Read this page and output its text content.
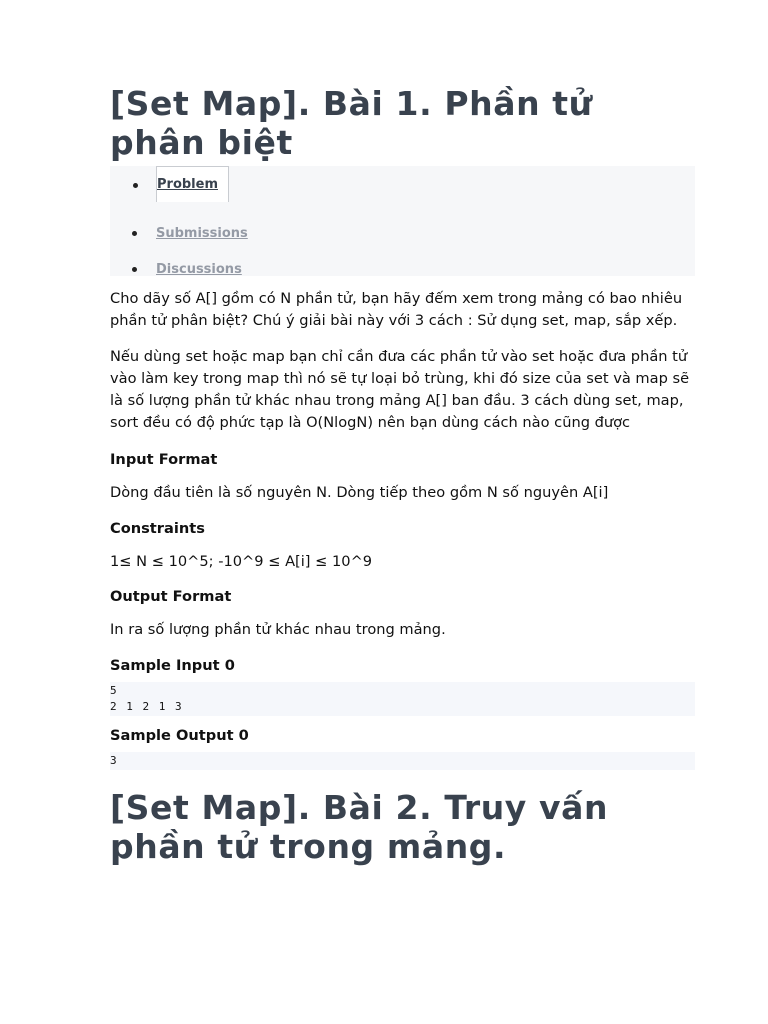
[Set Map]. Bài 1. Phần tử phân biệt
Problem
Submissions
Discussions

Cho dãy số A[] gồm có N phần tử, bạn hãy đếm xem trong mảng có bao nhiêu phần tử phân biệt? Chú ý giải bài này với 3 cách : Sử dụng set, map, sắp xếp.

Nếu dùng set hoặc map bạn chỉ cần đưa các phần tử vào set hoặc đưa phần tử vào làm key trong map thì nó sẽ tự loại bỏ trùng, khi đó size của set và map sẽ là số lượng phần tử khác nhau trong mảng A[] ban đầu. 3 cách dùng set, map, sort đều có độ phức tạp là O(NlogN) nên bạn dùng cách nào cũng được

Input Format

Dòng đầu tiên là số nguyên N. Dòng tiếp theo gồm N số nguyên A[i]

Constraints

1≤ N ≤ 10^5; -10^9 ≤ A[i] ≤ 10^9

Output Format

In ra số lượng phần tử khác nhau trong mảng.

Sample Input 0
5
2 1 2 1 3
Sample Output 0
3
[Set Map]. Bài 2. Truy vấn phần tử trong mảng.
